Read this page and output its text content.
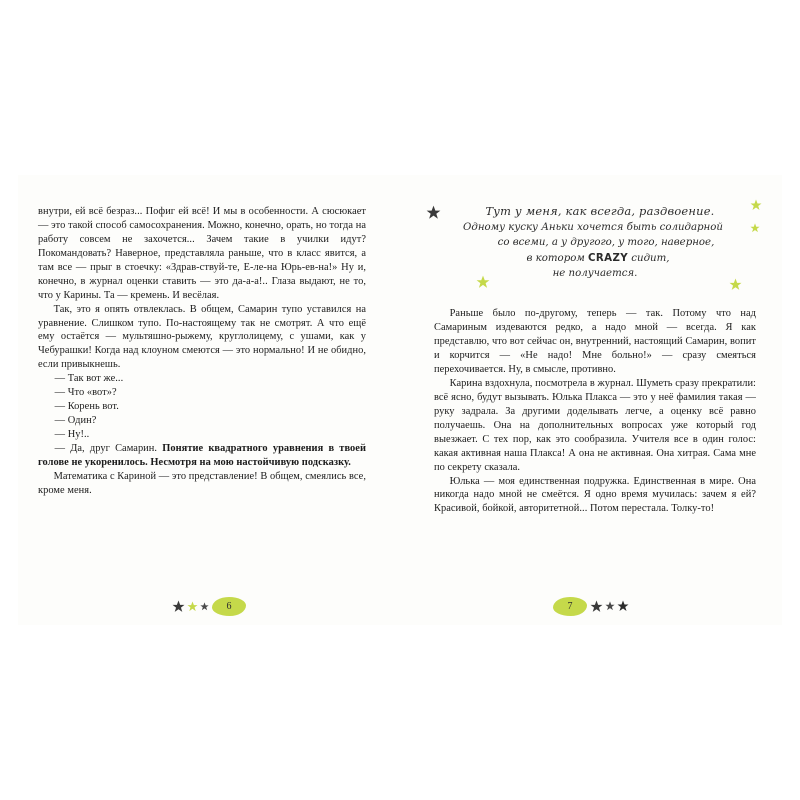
внутри, ей всё безраз... Пофиг ей всё! И мы в особенности. А сюсюкает — это такой способ самосохранения. Можно, конечно, орать, но тогда на работу совсем не захочется... Зачем такие в училки идут? Покомандовать? Наверное, представляла раньше, что в класс явится, а там все — прыг в стоечку: «Здрав-ствуй-те, Е-ле-на Юрь-ев-на!» Ну и, конечно, в журнал оценки ставить — это да-а-а!.. Глаза выдают, не то, что у Карины. Та — кремень. И весёлая.

Так, это я опять отвлеклась. В общем, Самарин тупо уставился на уравнение. Слишком тупо. По-настоящему так не смотрят. А что ещё ему остаётся — мультяшно-рыжему, круглолицему, с ушами, как у Чебурашки! Когда над клоуном смеются — это нормально! И не обидно, если привыкнешь.

— Так вот же...

— Что «вот»?

— Корень вот.

— Один?

— Ну!..

— Да, друг Самарин. Понятие квадратного уравнения в твоей голове не укоренилось. Несмотря на мою настойчивую подсказку.

Математика с Кариной — это представление! В общем, смеялись все, кроме меня.

6
Тут у меня, как всегда, раздвоение.
Одному куску Аньки хочется быть солидарной
со всеми, а у другого, у того, наверное,
в котором CRAZY сидит,
не получается.

Раньше было по-другому, теперь — так. Потому что над Самариным издеваются редко, а надо мной — всегда. Я как представлю, что вот сейчас он, внутренний, настоящий Самарин, вопит и корчится — «Не надо! Мне больно!» — сразу смеяться перехочивается. Ну, в смысле, противно.

Карина вздохнула, посмотрела в журнал. Шуметь сразу прекратили: всё ясно, будут вызывать. Юлька Плакса — это у неё фамилия такая — руку задрала. За другими доделывать легче, а оценку всё равно получаешь. Она на дополнительных вопросах уже который год выезжает. С тех пор, как это сообразила. Учителя все в один голос: какая активная наша Плакса! А она не активная. Она хитрая. Сама мне по секрету сказала.

Юлька — моя единственная подружка. Единственная в мире. Она никогда надо мной не смеётся. Я одно время мучилась: зачем я ей? Красивой, бойкой, авторитетной... Потом перестала. Толку-то!

7
